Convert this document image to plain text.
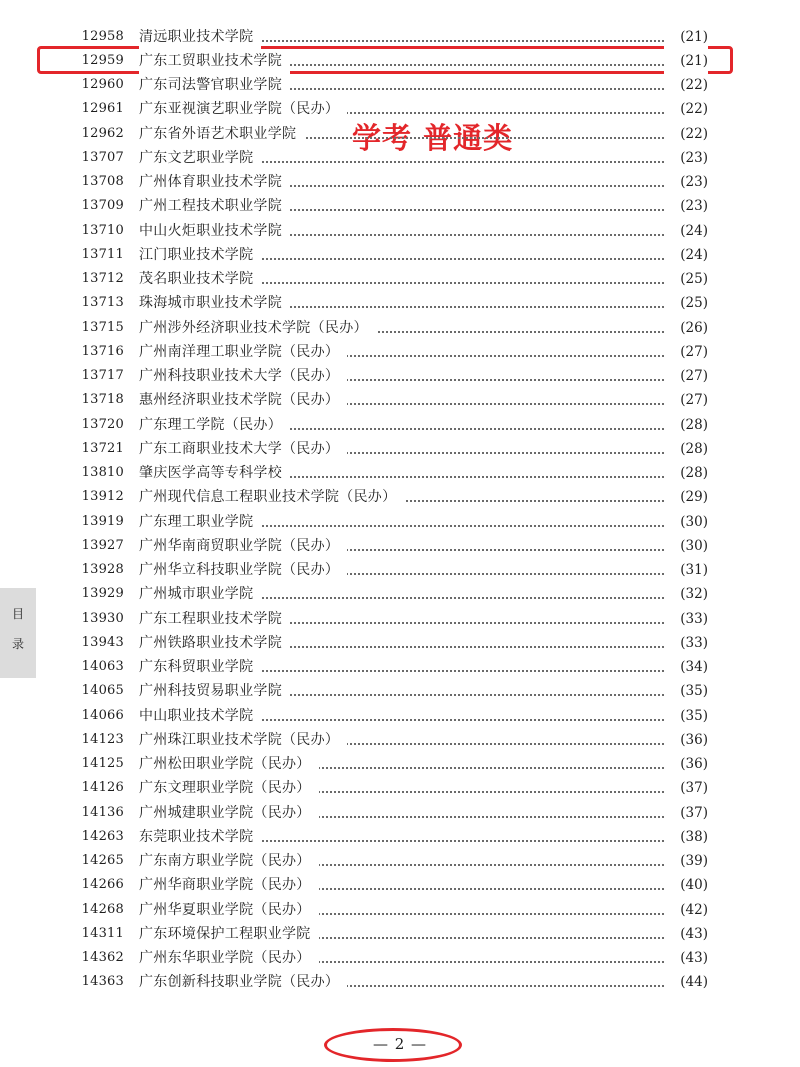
目
录
12958 清远职业技术学院	(21)
12959 广东工贸职业技术学院	(21)
12960 广东司法警官职业学院	(22)
12961 广东亚视演艺职业学院（民办）	(22)
12962 广东省外语艺术职业学院	(22)
13707 广东文艺职业学院	(23)
13708 广州体育职业技术学院	(23)
13709 广州工程技术职业学院	(23)
13710 中山火炬职业技术学院	(24)
13711 江门职业技术学院	(24)
13712 茂名职业技术学院	(25)
13713 珠海城市职业技术学院	(25)
13715 广州涉外经济职业技术学院（民办）	(26)
13716 广州南洋理工职业学院（民办）	(27)
13717 广州科技职业技术大学（民办）	(27)
13718 惠州经济职业技术学院（民办）	(27)
13720 广东理工学院（民办）	(28)
13721 广东工商职业技术大学（民办）	(28)
13810 肇庆医学高等专科学校	(28)
13912 广州现代信息工程职业技术学院（民办）	(29)
13919 广东理工职业学院	(30)
13927 广州华南商贸职业学院（民办）	(30)
13928 广州华立科技职业学院（民办）	(31)
13929 广州城市职业学院	(32)
13930 广东工程职业技术学院	(33)
13943 广州铁路职业技术学院	(33)
14063 广东科贸职业学院	(34)
14065 广州科技贸易职业学院	(35)
14066 中山职业技术学院	(35)
14123 广州珠江职业技术学院（民办）	(36)
14125 广州松田职业学院（民办）	(36)
14126 广东文理职业学院（民办）	(37)
14136 广州城建职业学院（民办）	(37)
14263 东莞职业技术学院	(38)
14265 广东南方职业学院（民办）	(39)
14266 广州华商职业学院（民办）	(40)
14268 广州华夏职业学院（民办）	(42)
14311 广东环境保护工程职业学院	(43)
14362 广州东华职业学院（民办）	(43)
14363 广东创新科技职业学院（民办）	(44)
学考 普通类
— 2 —
